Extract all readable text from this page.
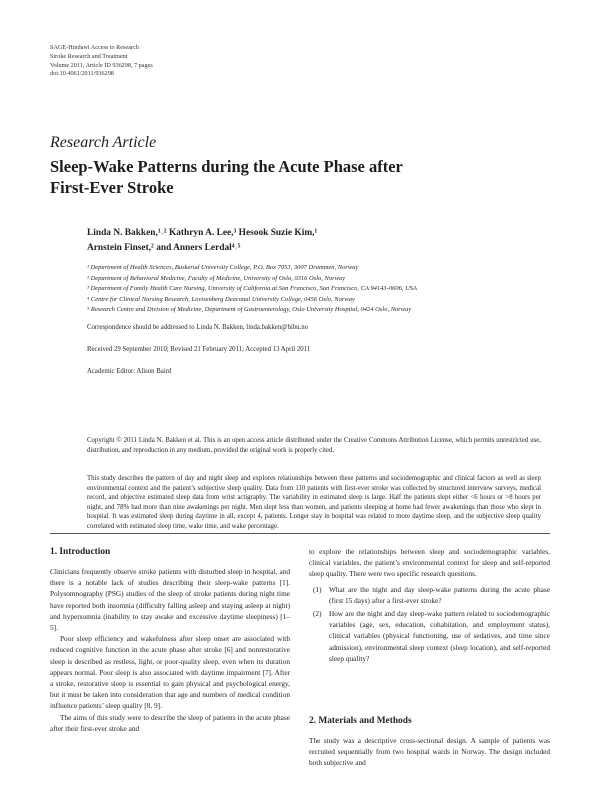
SAGE-Hindawi Access to Research
Stroke Research and Treatment
Volume 2011, Article ID 936298, 7 pages
doi:10.4061/2011/936298
Research Article
Sleep-Wake Patterns during the Acute Phase after
First-Ever Stroke
Linda N. Bakken,¹˒² Kathryn A. Lee,³ Hesook Suzie Kim,¹
Arnstein Finset,² and Anners Lerdal⁴˒⁵
¹ Department of Health Sciences, Buskerud University College, P.O. Box 7053, 3007 Drammen, Norway
² Department of Behavioral Medicine, Faculty of Medicine, University of Oslo, 0316 Oslo, Norway
³ Department of Family Health Care Nursing, University of California at San Francisco, San Francisco, CA 94143-0606, USA
⁴ Centre for Clinical Nursing Research, Lovisenberg Deaconal University College, 0456 Oslo, Norway
⁵ Research Centre and Division of Medicine, Department of Gastroenterology, Oslo University Hospital, 0424 Oslo, Norway
Correspondence should be addressed to Linda N. Bakken, linda.bakken@hibu.no
Received 29 September 2010; Revised 21 February 2011; Accepted 13 April 2011
Academic Editor: Alison Baird
Copyright © 2011 Linda N. Bakken et al. This is an open access article distributed under the Creative Commons Attribution License, which permits unrestricted use, distribution, and reproduction in any medium, provided the original work is properly cited.
This study describes the pattern of day and night sleep and explores relationships between these patterns and sociodemographic and clinical factors as well as sleep environmental context and the patient’s subjective sleep quality. Data from 110 patients with first-ever stroke was collected by structured interview surveys, medical record, and objective estimated sleep data from wrist actigraphy. The variability in estimated sleep is large. Half the patients slept either <6 hours or >8 hours per night, and 78% had more than nine awakenings per night. Men slept less than women, and patients sleeping at home had fewer awakenings than those who slept in hospital. It was estimated sleep during daytime in all, except 4, patients. Longer stay in hospital was related to more daytime sleep, and the subjective sleep quality correlated with estimated sleep time, wake time, and wake percentage.
1. Introduction

Clinicians frequently observe stroke patients with disturbed sleep in hospital, and there is a notable lack of studies describing their sleep-wake patterns [1]. Polysomnography (PSG) studies of the sleep of stroke patients during night time have reported both insomnia (difficulty falling asleep and staying asleep at night) and hypersomnia (inability to stay awake and excessive daytime sleepiness) [1–5].

Poor sleep efficiency and wakefulness after sleep onset are associated with reduced cognitive function in the acute phase after stroke [6] and nonrestorative sleep is described as restless, light, or poor-quality sleep, even when its duration appears normal. Poor sleep is also associated with daytime impairment [7]. After a stroke, restorative sleep is essential to gain physical and psychological energy, but it must be taken into consideration that age and numbers of medical condition influence patients’ sleep quality [8, 9].

The aims of this study were to describe the sleep of patients in the acute phase after their first-ever stroke and

to explore the relationships between sleep and sociodemographic variables, clinical variables, the patient’s environmental context for sleep and self-reported sleep quality. There were two specific research questions.

(1) What are the night and day sleep-wake patterns during the acute phase (first 15 days) after a first-ever stroke?
(2) How are the night and day sleep-wake pattern related to sociodemographic variables (age, sex, education, cohabitation, and employment status), clinical variables (physical functioning, use of sedatives, and time since admission), environmental sleep context (sleep location), and self-reported sleep quality?
2. Materials and Methods

The study was a descriptive cross-sectional design. A sample of patients was recruited sequentially from two hospital wards in Norway. The design included both subjective and
